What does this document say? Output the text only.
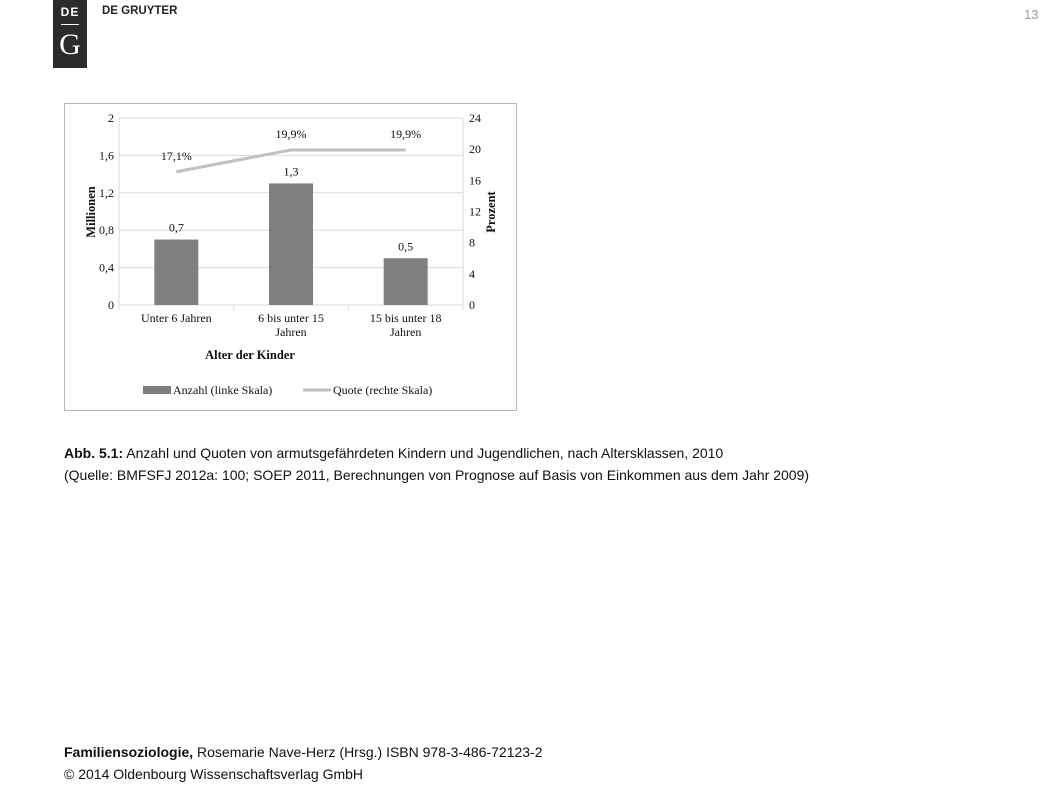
DE
G
DE GRUYTER	13
0
0,4
0,8
1,2
1,6
2
0
4
8
12
16
20
24
0,7
1,3
0,5
17,1%
19,9%	19,9%
Unter 6 Jahren	6 bis unter 15
Jahren
15 bis unter 18
Jahren
Alter der Kinder
Millionen	Prozent
Anzahl (linke Skala)	Quote (rechte Skala)
Abb. 5.1: Anzahl und Quoten von armutsgefährdeten Kindern und Jugendlichen, nach Altersklassen, 2010
(Quelle: BMFSFJ 2012a: 100; SOEP 2011, Berechnungen von Prognose auf Basis von Einkommen aus dem Jahr 2009)
Familiensoziologie, Rosemarie Nave-Herz (Hrsg.) ISBN 978-3-486-72123-2
© 2014 Oldenbourg Wissenschaftsverlag GmbH
